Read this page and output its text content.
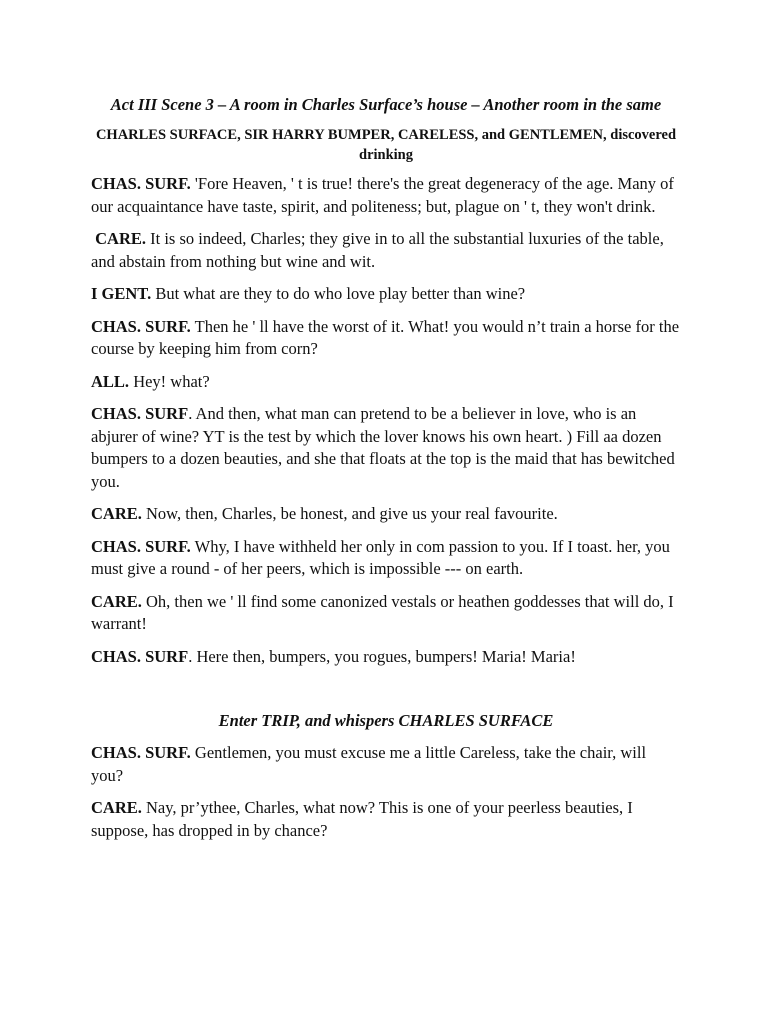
Act III Scene 3 – A room in Charles Surface’s house – Another room in the same
CHARLES SURFACE, SIR HARRY BUMPER, CARELESS, and GENTLEMEN, discovered drinking

CHAS. SURF. 'Fore Heaven, ' t is true! there's the great degeneracy of the age. Many of our acquaintance have taste, spirit, and politeness; but, plague on ' t, they won't drink.

CARE. It is so indeed, Charles; they give in to all the substantial luxuries of the table, and abstain from nothing but wine and wit.

I GENT. But what are they to do who love play better than wine?

CHAS. SURF. Then he ' ll have the worst of it. What! you would n’t train a horse for the course by keeping him from corn?

ALL. Hey! what?

CHAS. SURF. And then, what man can pretend to be a believer in love, who is an abjurer of wine? YT is the test by which the lover knows his own heart. ) Fill aa dozen bumpers to a dozen beauties, and she that floats at the top is the maid that has bewitched you.

CARE. Now, then, Charles, be honest, and give us your real favourite.

CHAS. SURF. Why, I have withheld her only in com passion to you. If I toast. her, you must give a round - of her peers, which is impossible --- on earth.

CARE. Oh, then we ' ll find some canonized vestals or heathen goddesses that will do, I warrant!

CHAS. SURF. Here then, bumpers, you rogues, bumpers! Maria! Maria!

Enter TRIP, and whispers CHARLES SURFACE

CHAS. SURF. Gentlemen, you must excuse me a little Careless, take the chair, will you?

CARE. Nay, pr’ythee, Charles, what now? This is one of your peerless beauties, I suppose, has dropped in by chance?
